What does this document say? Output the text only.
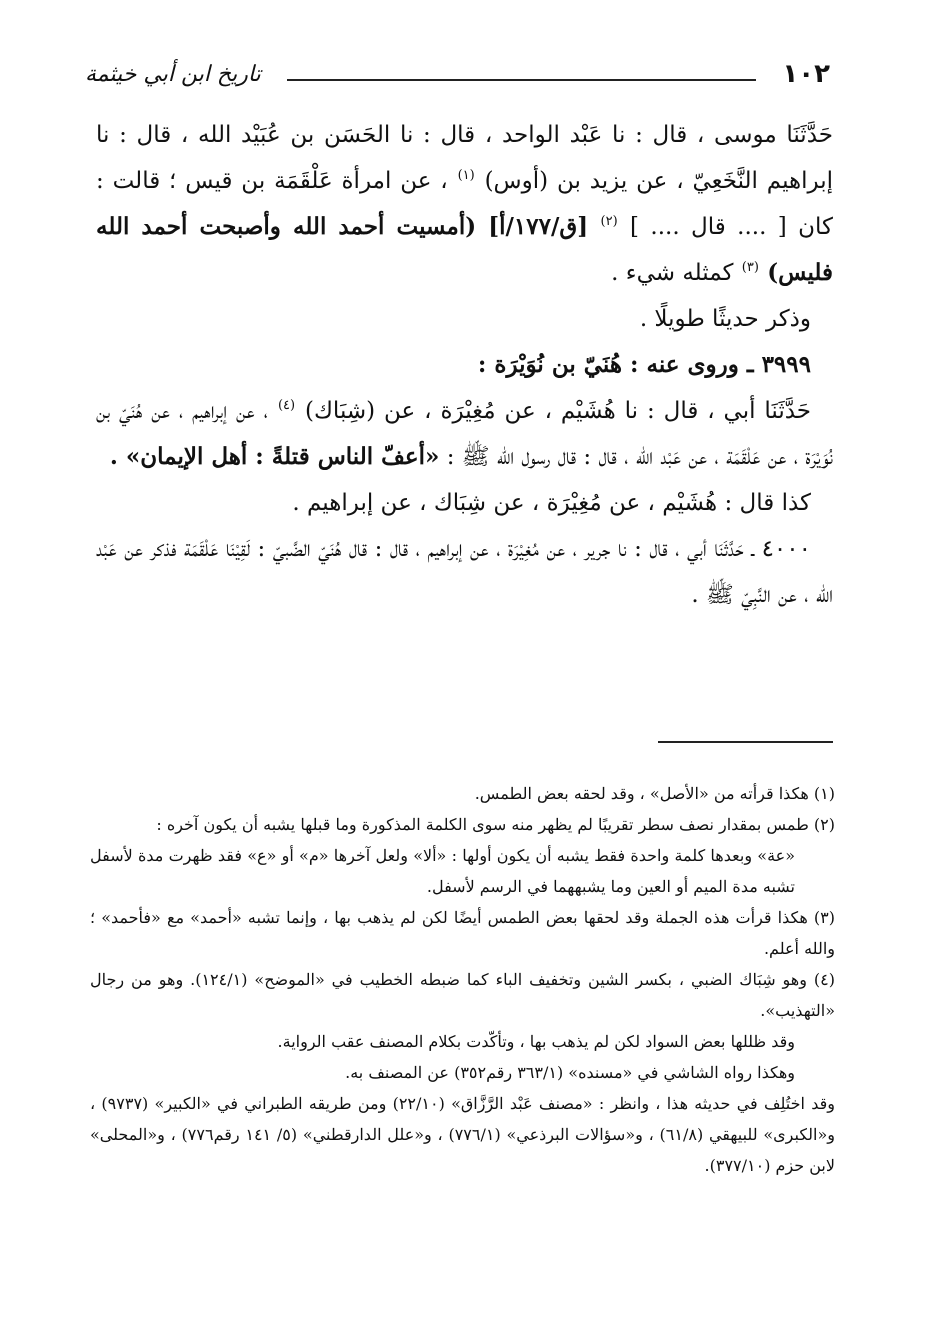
١٠٢
تاريخ ابن أبي خيثمة

حَدَّثَنَا موسى ، قال : نا عَبْد الواحد ، قال : نا الحَسَن بن عُبَيْد الله ، قال : نا إبراهيم النَّخَعِيّ ، عن يزيد بن (أوس) $^{(١)}$ ، عن امرأة عَلْقَمَة بن قيس ؛ قالت : كان [ .... قال .... ] $^{(٢)}$ [ق/١٧٧/أ] (أمسيت أحمد الله وأصبحت أحمد الله فليس) $^{(٣)}$ كمثله شيء .

وذكر حديثًا طويلًا .

٣٩٩٩ ـ وروى عنه : هُنَيّ بن نُوَيْرَة :

حَدَّثَنَا أبي ، قال : نا هُشَيْم ، عن مُغِيْرَة ، عن (شِبَاك) $^{(٤)}$ ، عن إبراهيم ، عن هُنَيّ بن نُوَيْرَة ، عن عَلْقَمَة ، عن عَبْد الله ، قال : قال رسول الله ﷺ : «أعفّ الناس قتلةً : أهل الإيمان» .

كذا قال : هُشَيْم ، عن مُغِيْرَة ، عن شِبَاك ، عن إبراهيم .

٤٠٠٠ ـ حَدَّثَنَا أبي ، قال : نا جرير ، عن مُغِيْرَة ، عن إبراهيم ، قال : قال هُنَيّ الضَّبيّ : لَقِيْنَا عَلْقَمَة فذكر عن عَبْد الله ، عن النَّبِيّ ﷺ .

(١) هكذا قرأته من «الأصل» ، وقد لحقه بعض الطمس.

(٢) طمس بمقدار نصف سطر تقريبًا لم يظهر منه سوى الكلمة المذكورة وما قبلها يشبه أن يكون آخره :

«عة» وبعدها كلمة واحدة فقط يشبه أن يكون أولها : «ألا» ولعل آخرها «م» أو «ع» فقد ظهرت مدة لأسفل تشبه مدة الميم أو العين وما يشبههما في الرسم لأسفل.

(٣) هكذا قرأت هذه الجملة وقد لحقها بعض الطمس أيضًا لكن لم يذهب بها ، وإنما تشبه «أحمد» مع «فأحمد» ؛ والله أعلم.

(٤) وهو شِبَاك الضبي ، بكسر الشين وتخفيف الباء كما ضبطه الخطيب في «الموضح» (١٢٤/١). وهو من رجال «التهذيب».

وقد ظللها بعض السواد لكن لم يذهب بها ، وتأكّدت بكلام المصنف عقب الرواية.

وهكذا رواه الشاشي في «مسنده» (٣٦٣/١ رقم٣٥٢) عن المصنف به.

وقد اختُلِف في حديثه هذا ، وانظر : «مصنف عَبْد الرَّزَّاق» (٢٢/١٠) ومن طريقه الطبراني في «الكبير» (٩٧٣٧) ، و«الكبرى» للبيهقي (٦١/٨) ، و«سؤالات البرذعي» (٧٧٦/١) ، و«علل الدارقطني» (٥/ ١٤١ رقم٧٧٦) ، و«المحلى» لابن حزم (٣٧٧/١٠).
